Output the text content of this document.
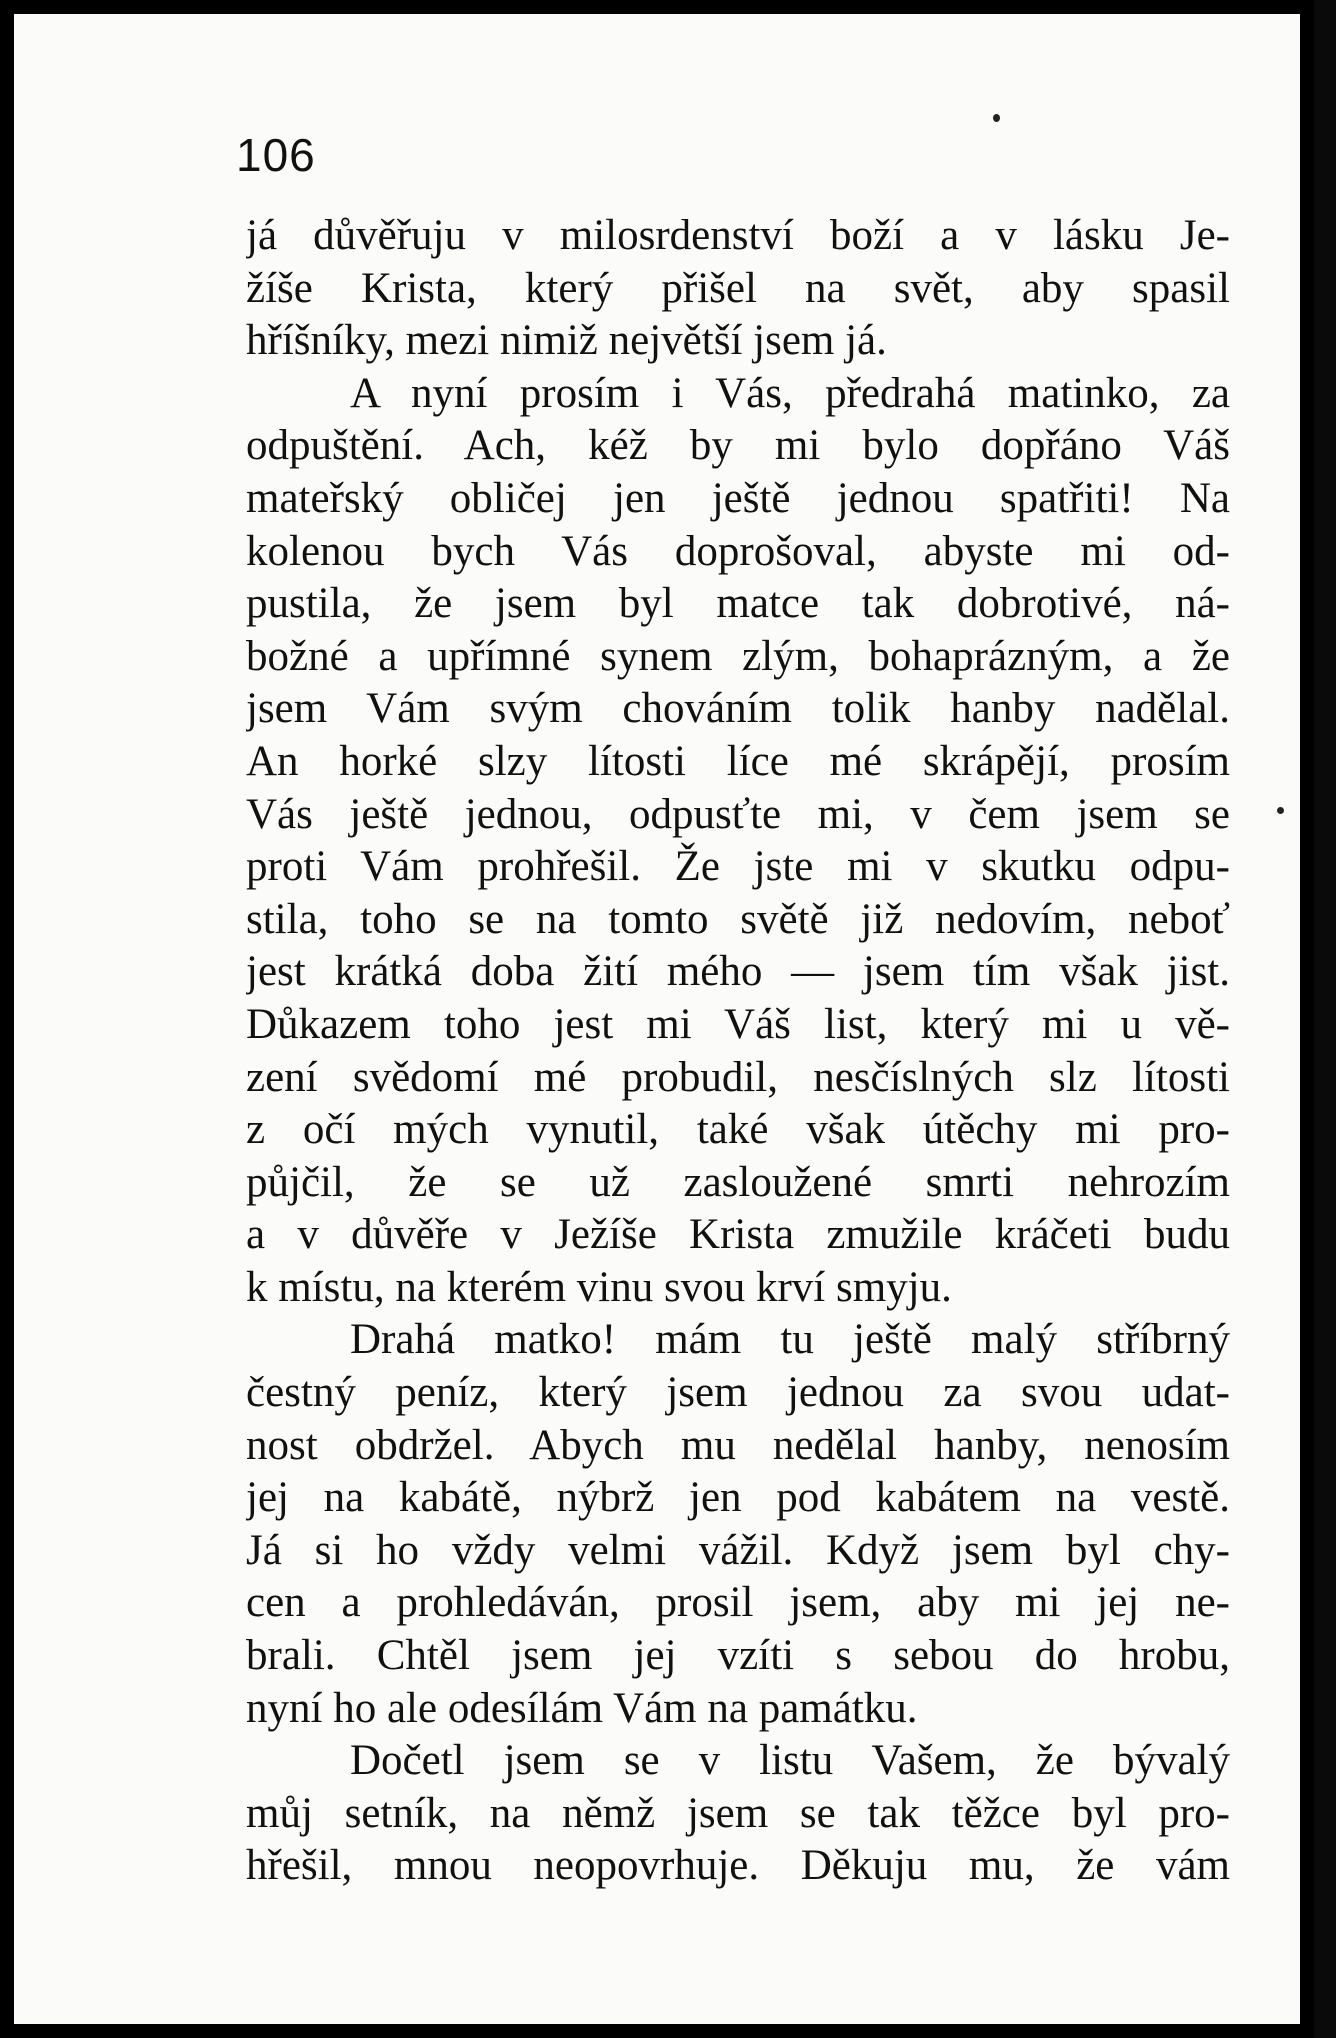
106
já důvěřuju v milosrdenství boží a v lásku Je-
žíše Krista, který přišel na svět, aby spasil
hříšníky, mezi nimiž největší jsem já.
A nyní prosím i Vás, předrahá matinko, za
odpuštění. Ach, kéž by mi bylo dopřáno Váš
mateřský obličej jen ještě jednou spatřiti! Na
kolenou bych Vás doprošoval, abyste mi od-
pustila, že jsem byl matce tak dobrotivé, ná-
božné a upřímné synem zlým, bohaprázným, a že
jsem Vám svým chováním tolik hanby nadělal.
An horké slzy lítosti líce mé skrápějí, prosím
Vás ještě jednou, odpusťte mi, v čem jsem se
proti Vám prohřešil. Že jste mi v skutku odpu-
stila, toho se na tomto světě již nedovím, neboť
jest krátká doba žití mého — jsem tím však jist.
Důkazem toho jest mi Váš list, který mi u vě-
zení svědomí mé probudil, nesčíslných slz lítosti
z očí mých vynutil, také však útěchy mi pro-
půjčil, že se už zasloužené smrti nehrozím
a v důvěře v Ježíše Krista zmužile kráčeti budu
k místu, na kterém vinu svou krví smyju.
Drahá matko! mám tu ještě malý stříbrný
čestný peníz, který jsem jednou za svou udat-
nost obdržel. Abych mu nedělal hanby, nenosím
jej na kabátě, nýbrž jen pod kabátem na vestě.
Já si ho vždy velmi vážil. Když jsem byl chy-
cen a prohledáván, prosil jsem, aby mi jej ne-
brali. Chtěl jsem jej vzíti s sebou do hrobu,
nyní ho ale odesílám Vám na památku.
Dočetl jsem se v listu Vašem, že bývalý
můj setník, na němž jsem se tak těžce byl pro-
hřešil, mnou neopovrhuje. Děkuju mu, že vám
